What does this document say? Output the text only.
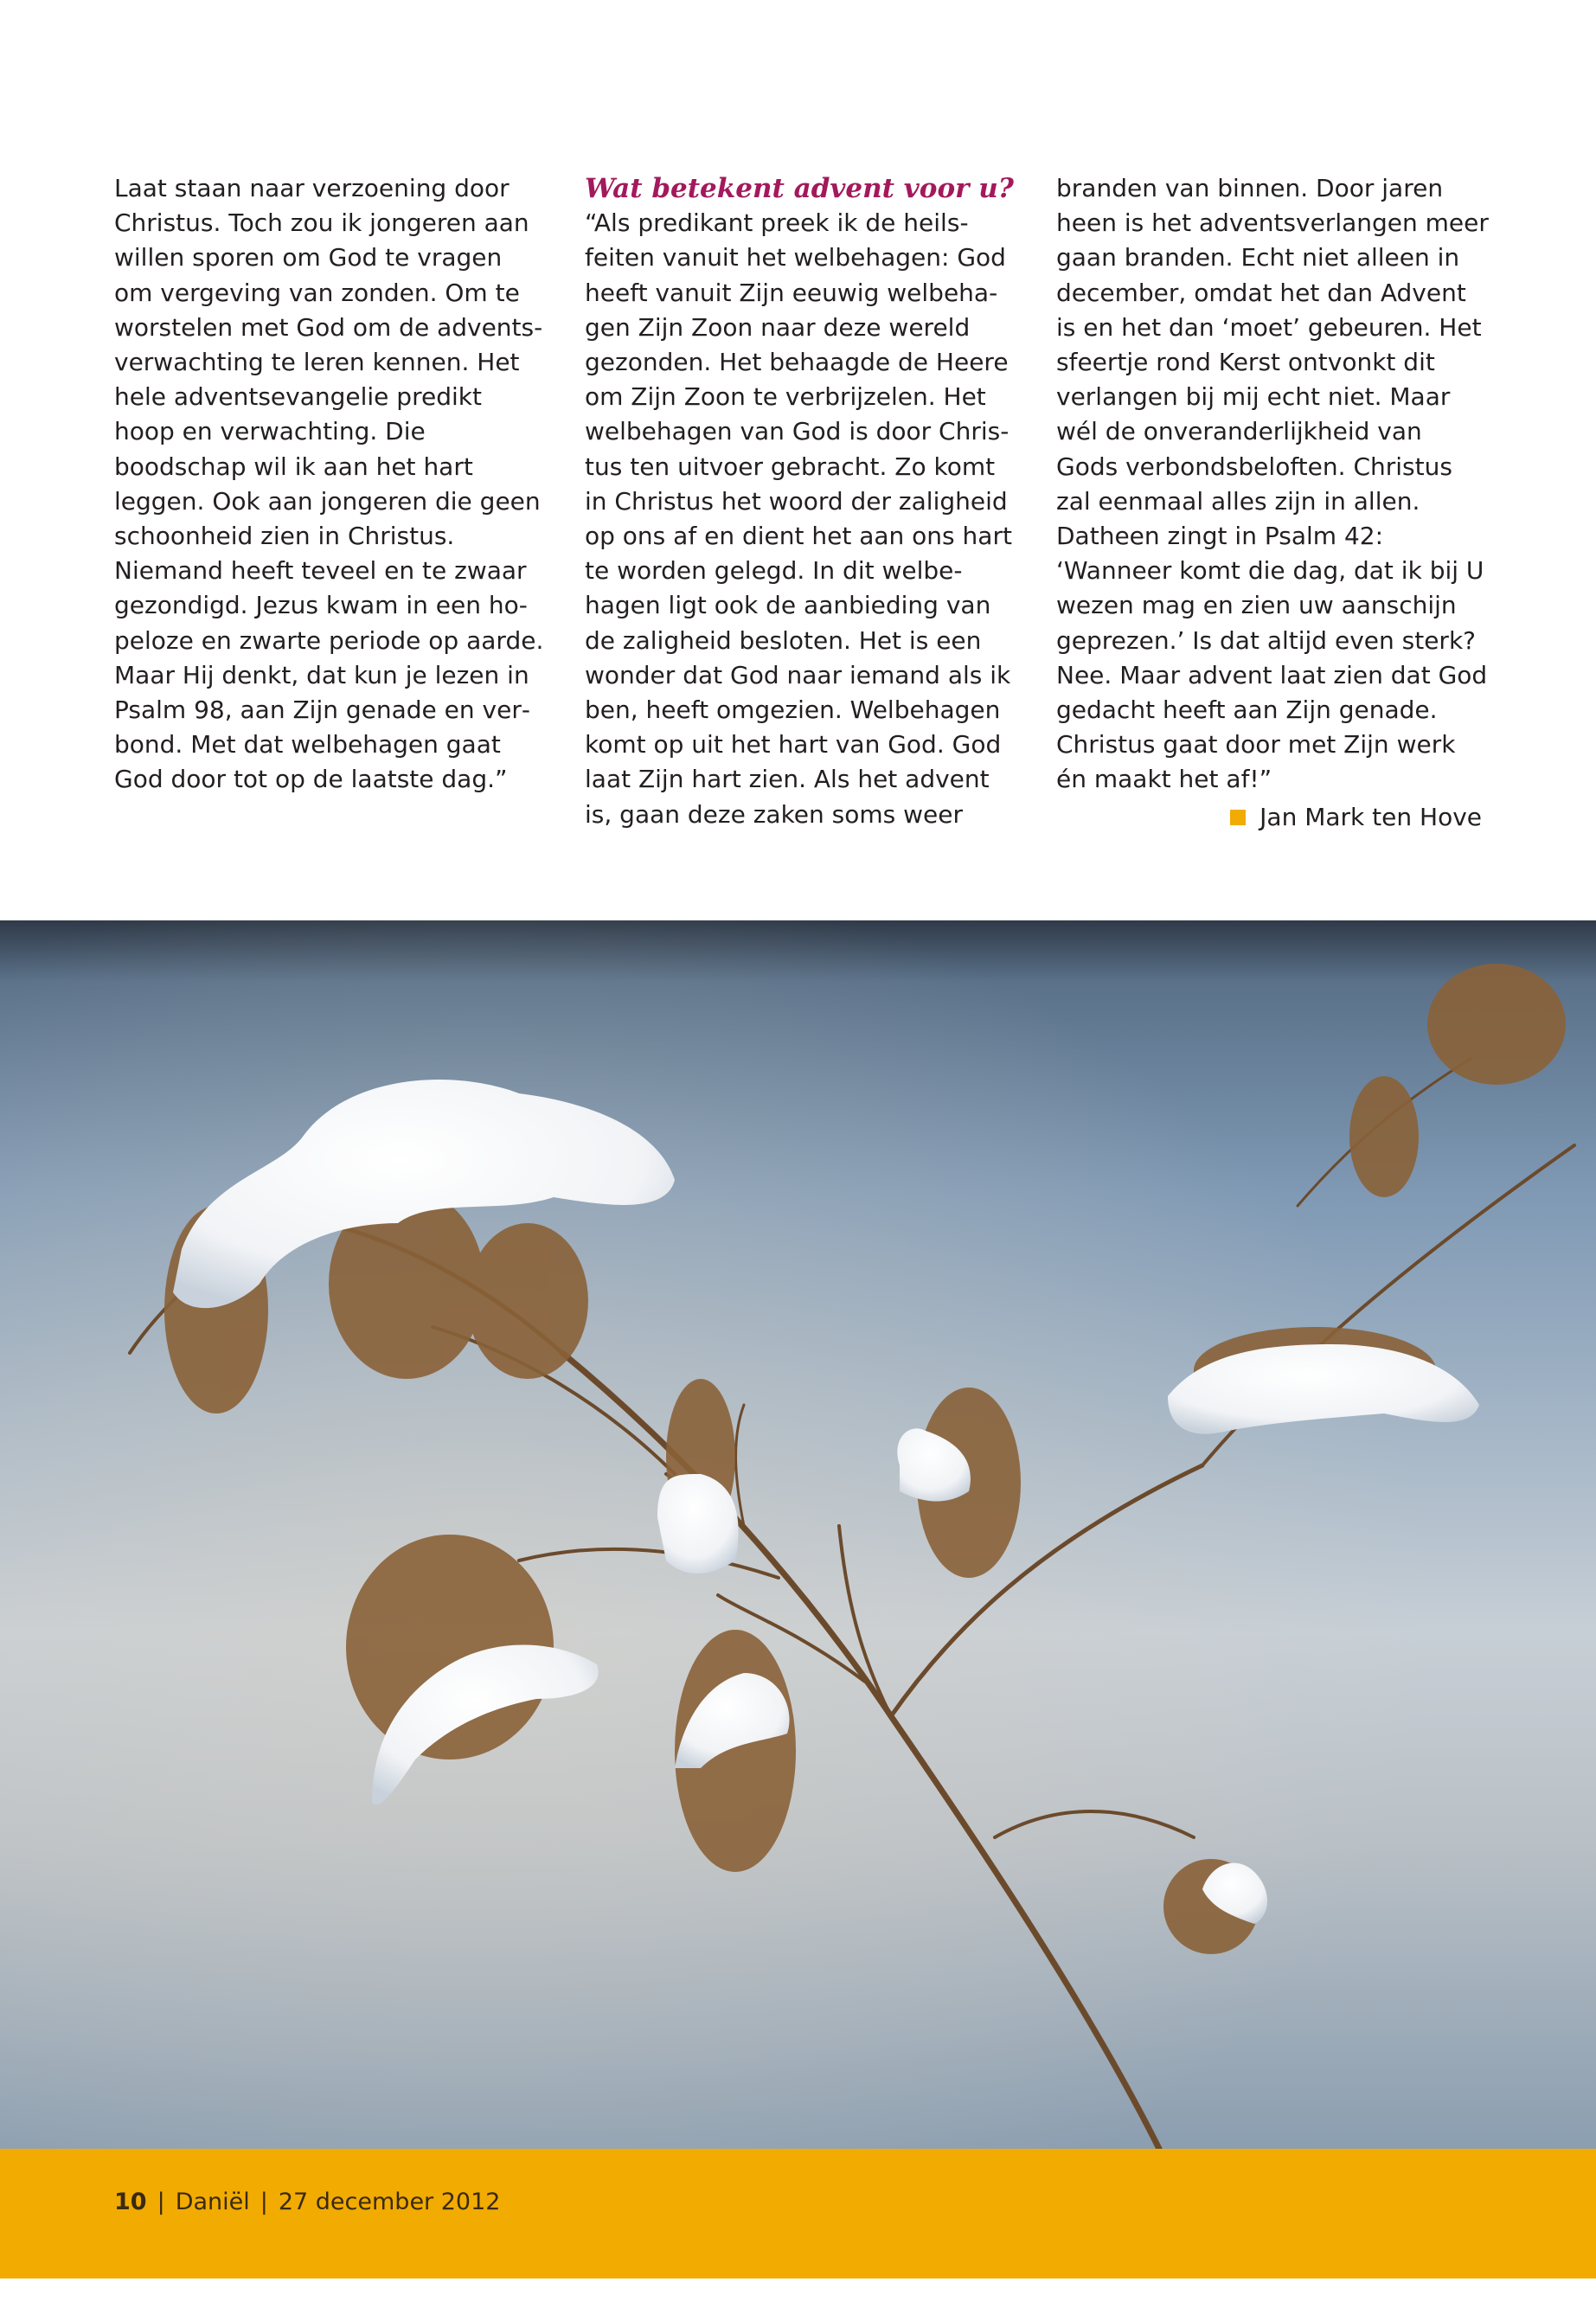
Laat staan naar verzoening door Christus. Toch zou ik jongeren aan willen sporen om God te vragen om vergeving van zonden. Om te worstelen met God om de adventsverwachting te leren kennen. Het hele adventsevangelie predikt hoop en verwachting. Die boodschap wil ik aan het hart leggen. Ook aan jongeren die geen schoonheid zien in Christus.

Niemand heeft teveel en te zwaar gezondigd. Jezus kwam in een hopeloze en zwarte periode op aarde. Maar Hij denkt, dat kun je lezen in Psalm 98, aan Zijn genade en verbond. Met dat welbehagen gaat God door tot op de laatste dag.”

Wat betekent advent voor u?

“Als predikant preek ik de heilsfeiten vanuit het welbehagen: God heeft vanuit Zijn eeuwig welbehagen Zijn Zoon naar deze wereld gezonden. Het behaagde de Heere om Zijn Zoon te verbrijzelen. Het welbehagen van God is door Christus ten uitvoer gebracht. Zo komt in Christus het woord der zaligheid op ons af en dient het aan ons hart te worden gelegd. In dit welbehagen ligt ook de aanbieding van de zaligheid besloten. Het is een wonder dat God naar iemand als ik ben, heeft omgezien. Welbehagen komt op uit het hart van God. God laat Zijn hart zien. Als het advent is, gaan deze zaken soms weer

branden van binnen. Door jaren heen is het adventsverlangen meer gaan branden. Echt niet alleen in december, omdat het dan Advent is en het dan ‘moet’ gebeuren. Het sfeertje rond Kerst ontvonkt dit verlangen bij mij echt niet. Maar wél de onveranderlijkheid van Gods verbondsbeloften. Christus zal eenmaal alles zijn in allen. Datheen zingt in Psalm 42: ‘Wanneer komt die dag, dat ik bij U wezen mag en zien uw aanschijn geprezen.’ Is dat altijd even sterk? Nee. Maar advent laat zien dat God gedacht heeft aan Zijn genade. Christus gaat door met Zijn werk én maakt het af!”

Jan Mark ten Hove
10 | Daniël | 27 december 2012
